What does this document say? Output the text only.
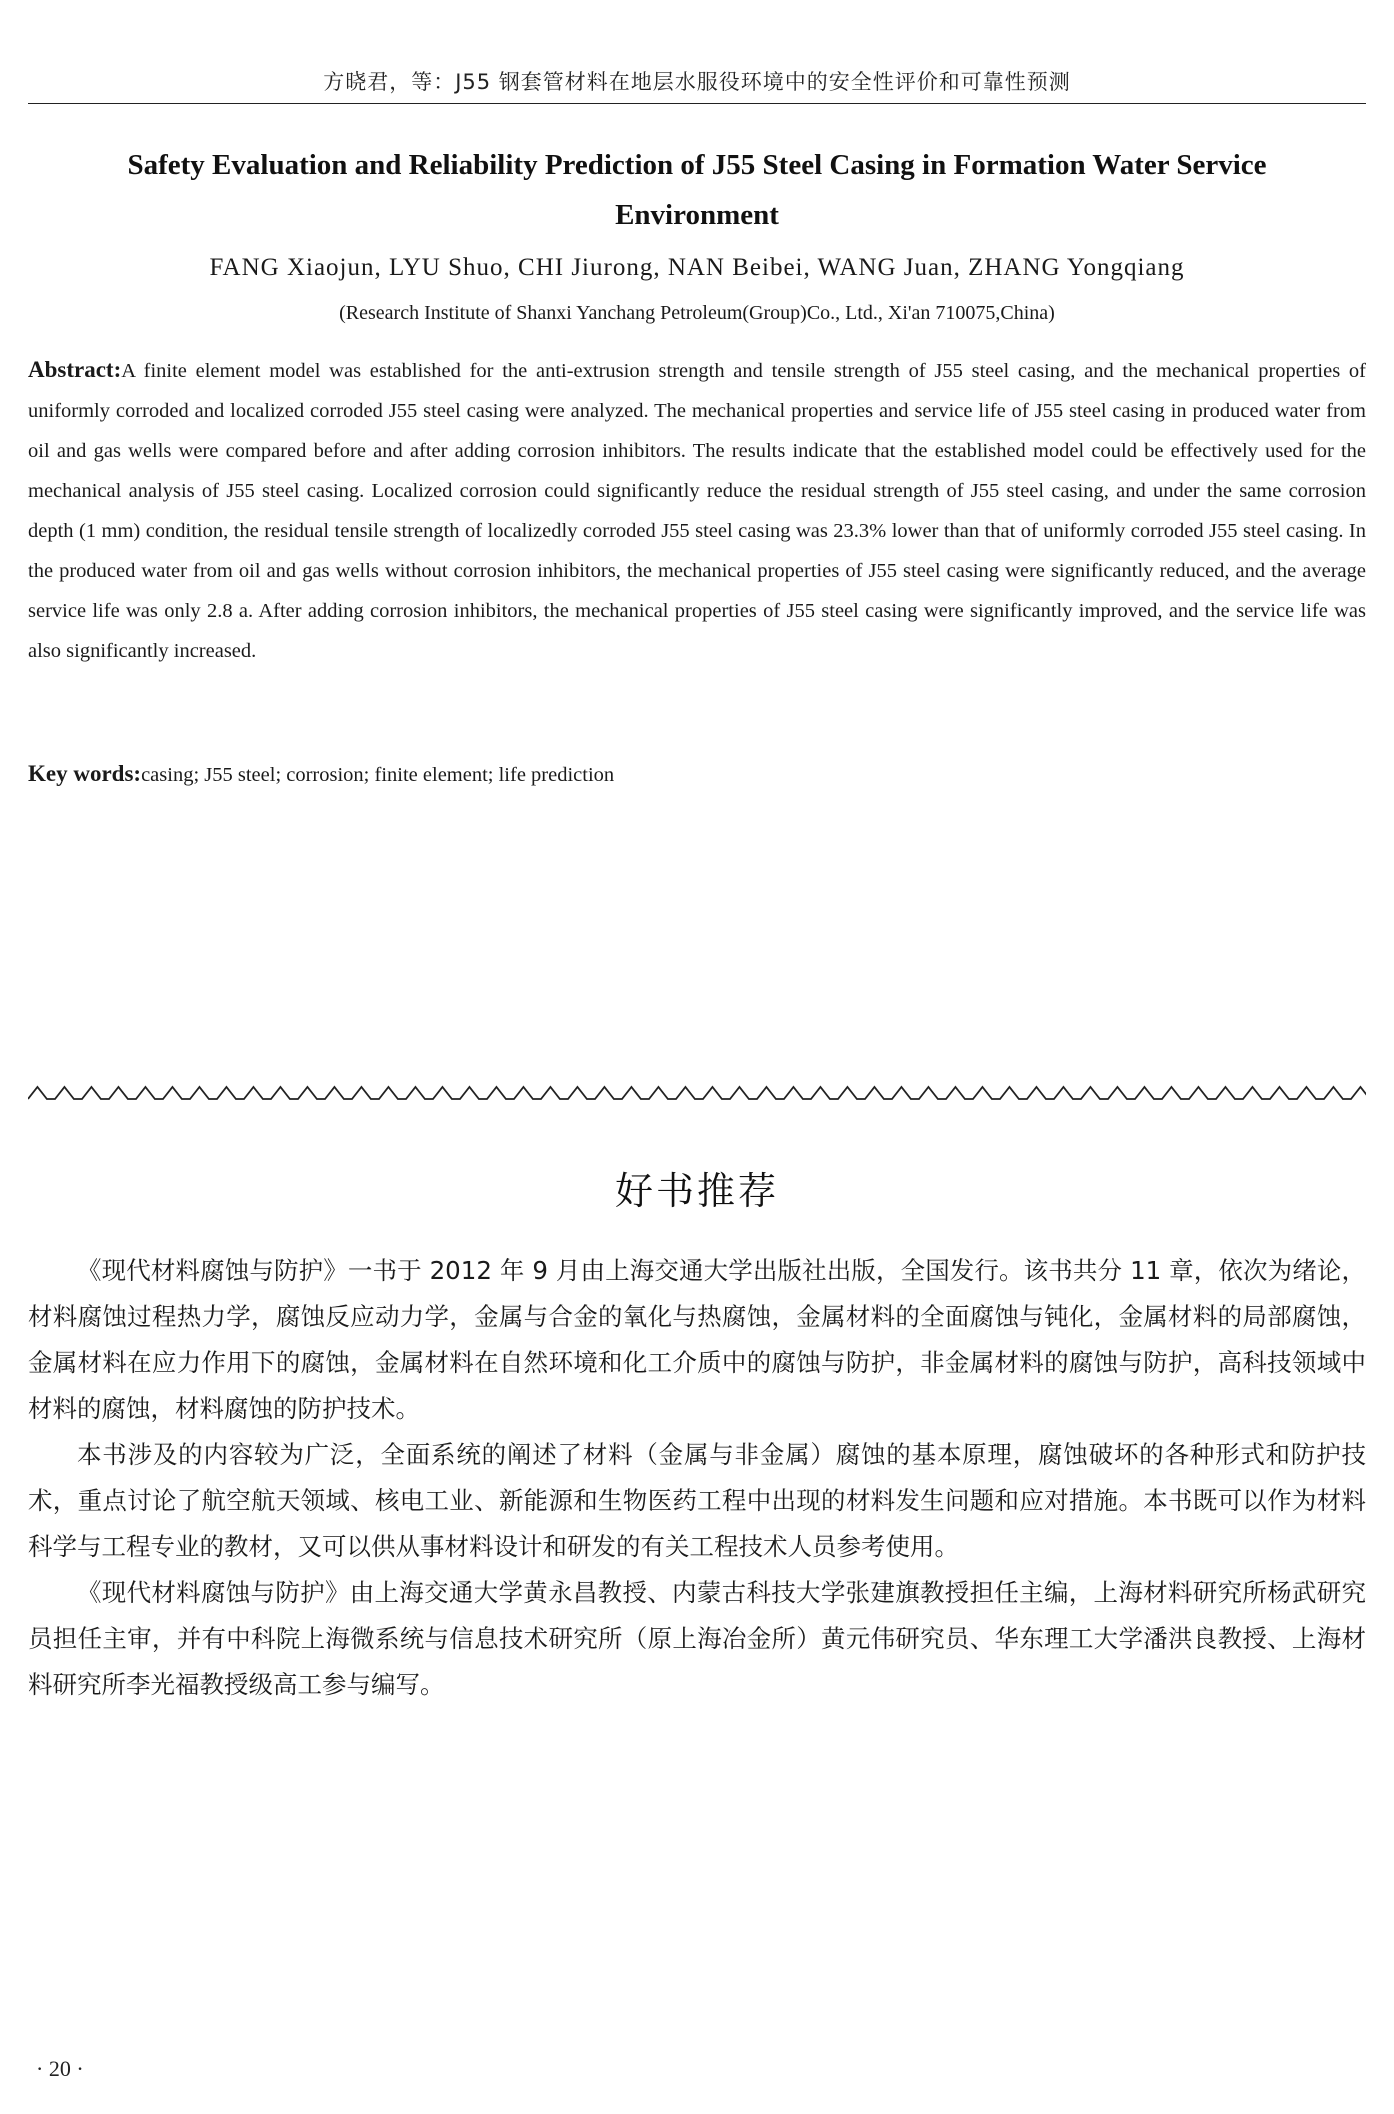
方晓君，等：J55 钢套管材料在地层水服役环境中的安全性评价和可靠性预测
Safety Evaluation and Reliability Prediction of J55 Steel Casing in Formation Water Service Environment
FANG Xiaojun, LYU Shuo, CHI Jiurong, NAN Beibei, WANG Juan, ZHANG Yongqiang
(Research Institute of Shanxi Yanchang Petroleum(Group)Co., Ltd., Xi'an 710075,China)

Abstract:A finite element model was established for the anti-extrusion strength and tensile strength of J55 steel casing, and the mechanical properties of uniformly corroded and localized corroded J55 steel casing were analyzed. The mechanical properties and service life of J55 steel casing in produced water from oil and gas wells were compared before and after adding corrosion inhibitors. The results indicate that the established model could be effectively used for the mechanical analysis of J55 steel casing. Localized corrosion could significantly reduce the residual strength of J55 steel casing, and under the same corrosion depth (1 mm) condition, the residual tensile strength of localizedly corroded J55 steel casing was 23.3% lower than that of uniformly corroded J55 steel casing. In the produced water from oil and gas wells without corrosion inhibitors, the mechanical properties of J55 steel casing were significantly reduced, and the average service life was only 2.8 a. After adding corrosion inhibitors, the mechanical properties of J55 steel casing were significantly improved, and the service life was also significantly increased.

Key words:casing; J55 steel; corrosion; finite element; life prediction

好书推荐

《现代材料腐蚀与防护》一书于 2012 年 9 月由上海交通大学出版社出版，全国发行。该书共分 11 章，依次为绪论，材料腐蚀过程热力学，腐蚀反应动力学，金属与合金的氧化与热腐蚀，金属材料的全面腐蚀与钝化，金属材料的局部腐蚀，金属材料在应力作用下的腐蚀，金属材料在自然环境和化工介质中的腐蚀与防护，非金属材料的腐蚀与防护，高科技领域中材料的腐蚀，材料腐蚀的防护技术。

本书涉及的内容较为广泛，全面系统的阐述了材料（金属与非金属）腐蚀的基本原理，腐蚀破坏的各种形式和防护技术，重点讨论了航空航天领域、核电工业、新能源和生物医药工程中出现的材料发生问题和应对措施。本书既可以作为材料科学与工程专业的教材，又可以供从事材料设计和研发的有关工程技术人员参考使用。

《现代材料腐蚀与防护》由上海交通大学黄永昌教授、内蒙古科技大学张建旗教授担任主编，上海材料研究所杨武研究员担任主审，并有中科院上海微系统与信息技术研究所（原上海冶金所）黄元伟研究员、华东理工大学潘洪良教授、上海材料研究所李光福教授级高工参与编写。

· 20 ·
